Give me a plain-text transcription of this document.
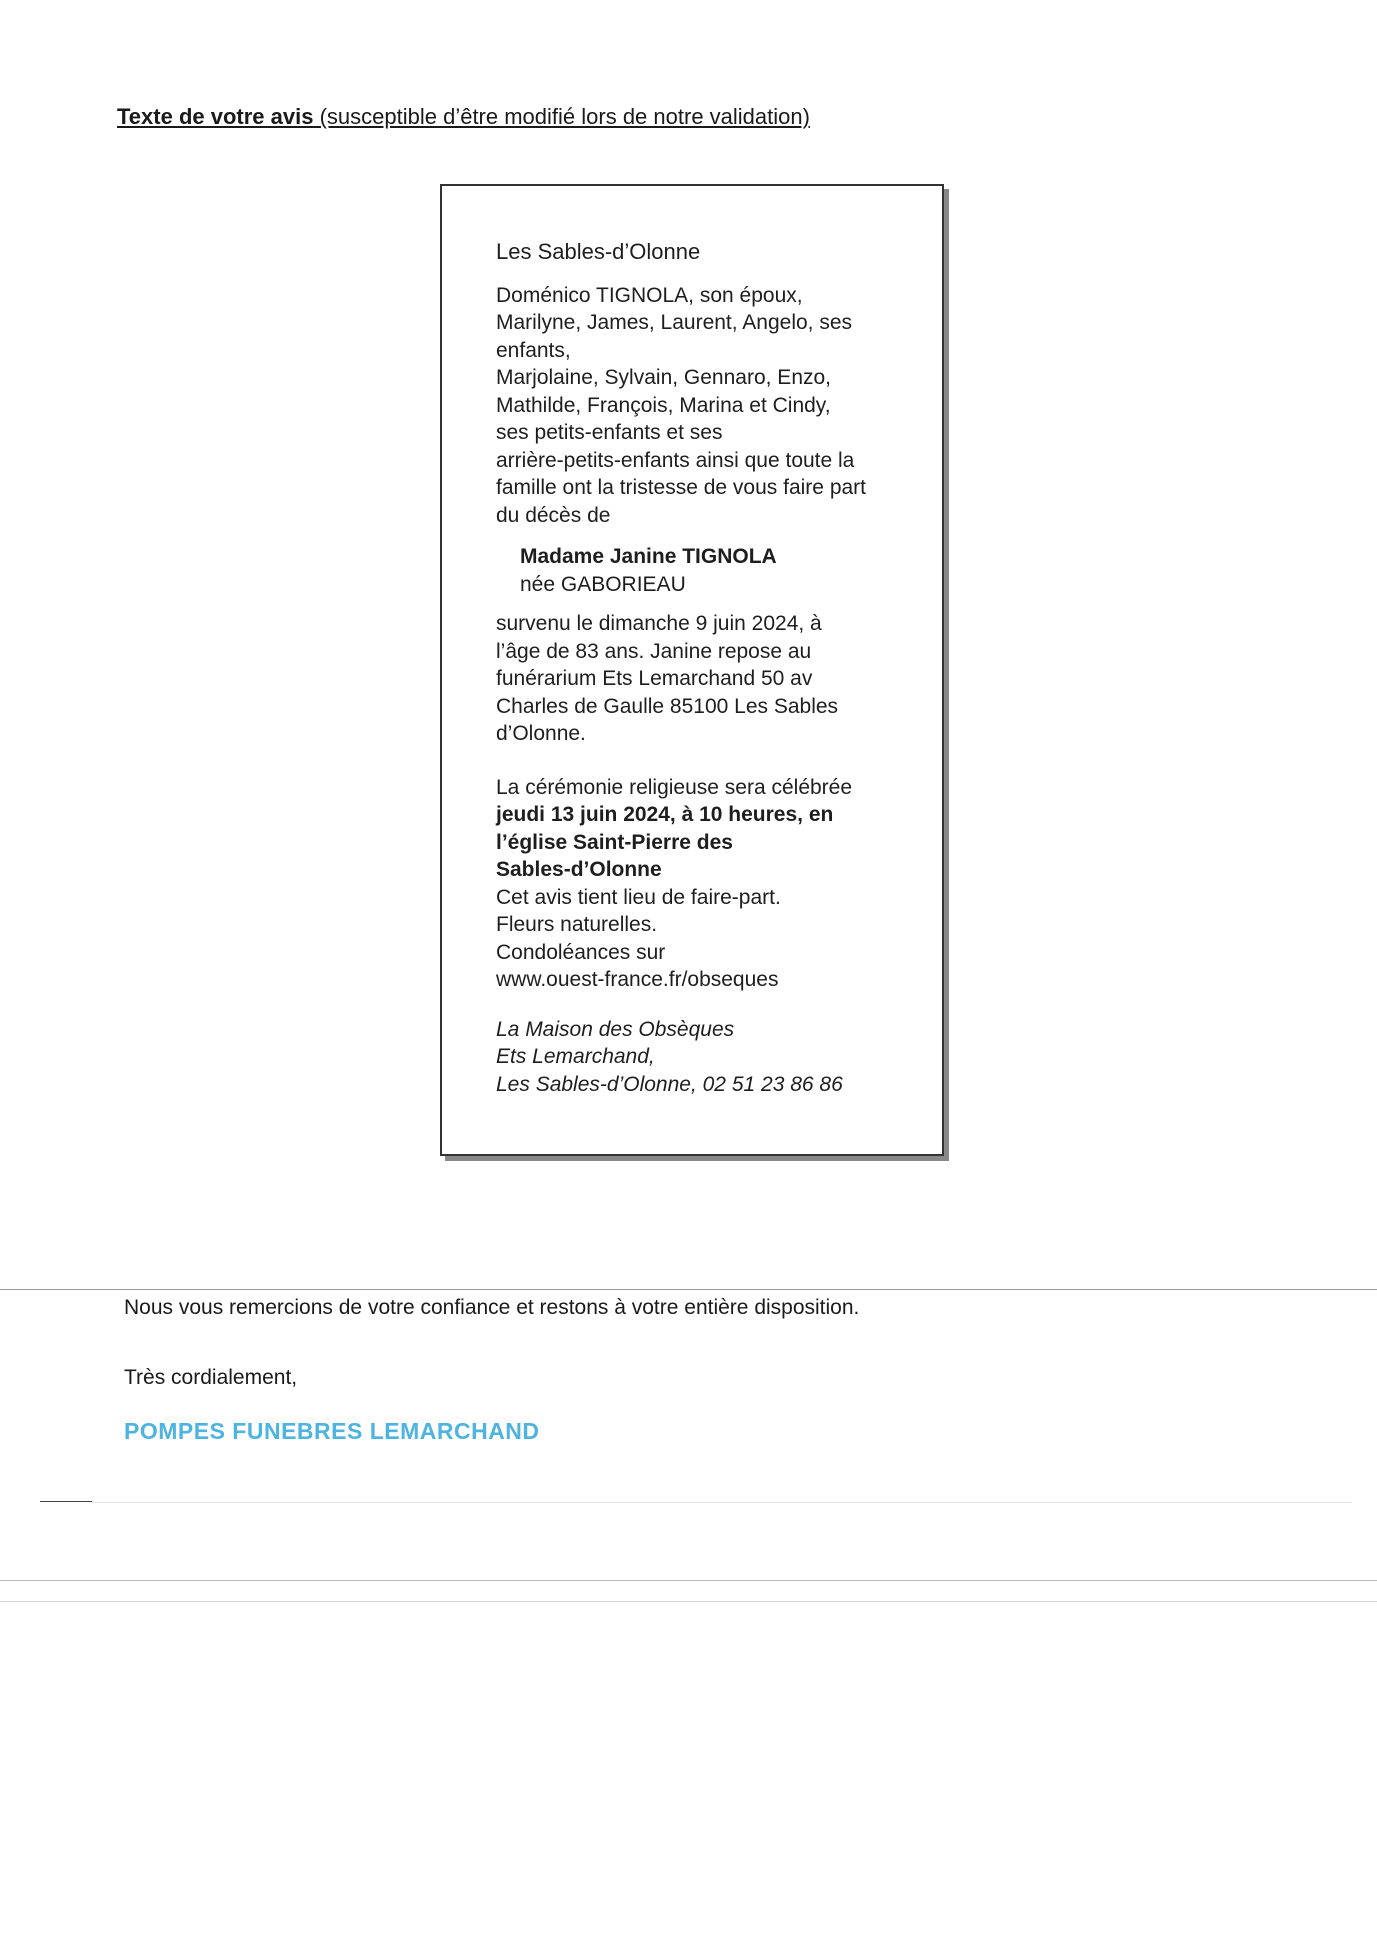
Texte de votre avis (susceptible d’être modifié lors de notre validation)
Les Sables-d’Olonne
Doménico TIGNOLA, son époux,
Marilyne, James, Laurent, Angelo, ses
enfants,
Marjolaine, Sylvain, Gennaro, Enzo,
Mathilde, François, Marina et Cindy,
ses petits-enfants et ses
arrière-petits-enfants ainsi que toute la
famille ont la tristesse de vous faire part
du décès de
Madame Janine TIGNOLA
née GABORIEAU
survenu le dimanche 9 juin 2024, à
l’âge de 83 ans. Janine repose au
funérarium Ets Lemarchand 50 av
Charles de Gaulle 85100 Les Sables
d’Olonne.
La cérémonie religieuse sera célébrée
jeudi 13 juin 2024, à 10 heures, en
l’église Saint-Pierre des
Sables-d’Olonne
Cet avis tient lieu de faire-part.
Fleurs naturelles.
Condoléances sur
www.ouest-france.fr/obseques
La Maison des Obsèques
Ets Lemarchand,
Les Sables-d’Olonne, 02 51 23 86 86
Nous vous remercions de votre confiance et restons à votre entière disposition.
Très cordialement,
POMPES FUNEBRES LEMARCHAND
